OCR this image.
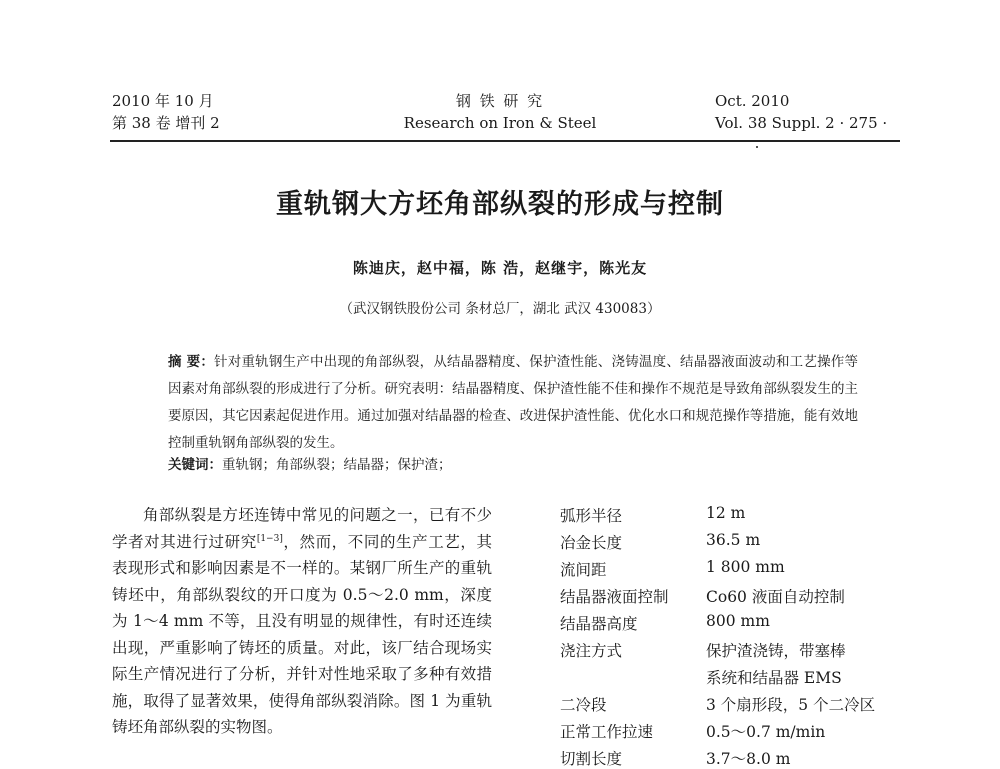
2010 年 10 月
第 38 卷 增刊 2
钢 铁 研 究
Research on Iron & Steel
Oct. 2010
Vol. 38 Suppl. 2 · 275 ·
重轨钢大方坯角部纵裂的形成与控制
陈迪庆，赵中福，陈 浩，赵继宇，陈光友
（武汉钢铁股份公司 条材总厂，湖北 武汉 430083）
摘 要：针对重轨钢生产中出现的角部纵裂，从结晶器精度、保护渣性能、浇铸温度、结晶器液面波动和工艺操作等因素对角部纵裂的形成进行了分析。研究表明：结晶器精度、保护渣性能不佳和操作不规范是导致角部纵裂发生的主要原因，其它因素起促进作用。通过加强对结晶器的检查、改进保护渣性能、优化水口和规范操作等措施，能有效地控制重轨钢角部纵裂的发生。
关键词：重轨钢；角部纵裂；结晶器；保护渣；
角部纵裂是方坯连铸中常见的问题之一，已有不少学者对其进行过研究[1−3]，然而，不同的生产工艺，其表现形式和影响因素是不一样的。某钢厂所生产的重轨铸坯中，角部纵裂纹的开口度为 0.5～2.0 mm，深度为 1～4 mm 不等，且没有明显的规律性，有时还连续出现，严重影响了铸坯的质量。对此，该厂结合现场实际生产情况进行了分析，并针对性地采取了多种有效措施，取得了显著效果，使得角部纵裂消除。图 1 为重轨铸坯角部纵裂的实物图。
弧形半径	12 m
冶金长度	36.5 m
流间距	1 800 mm
结晶器液面控制 Co60 液面自动控制
结晶器高度	800 mm
浇注方式	保护渣浇铸，带塞棒
系统和结晶器 EMS
二冷段	3 个扇形段，5 个二冷区
正常工作拉速	0.5～0.7 m/min
切割长度	3.7～8.0 m
